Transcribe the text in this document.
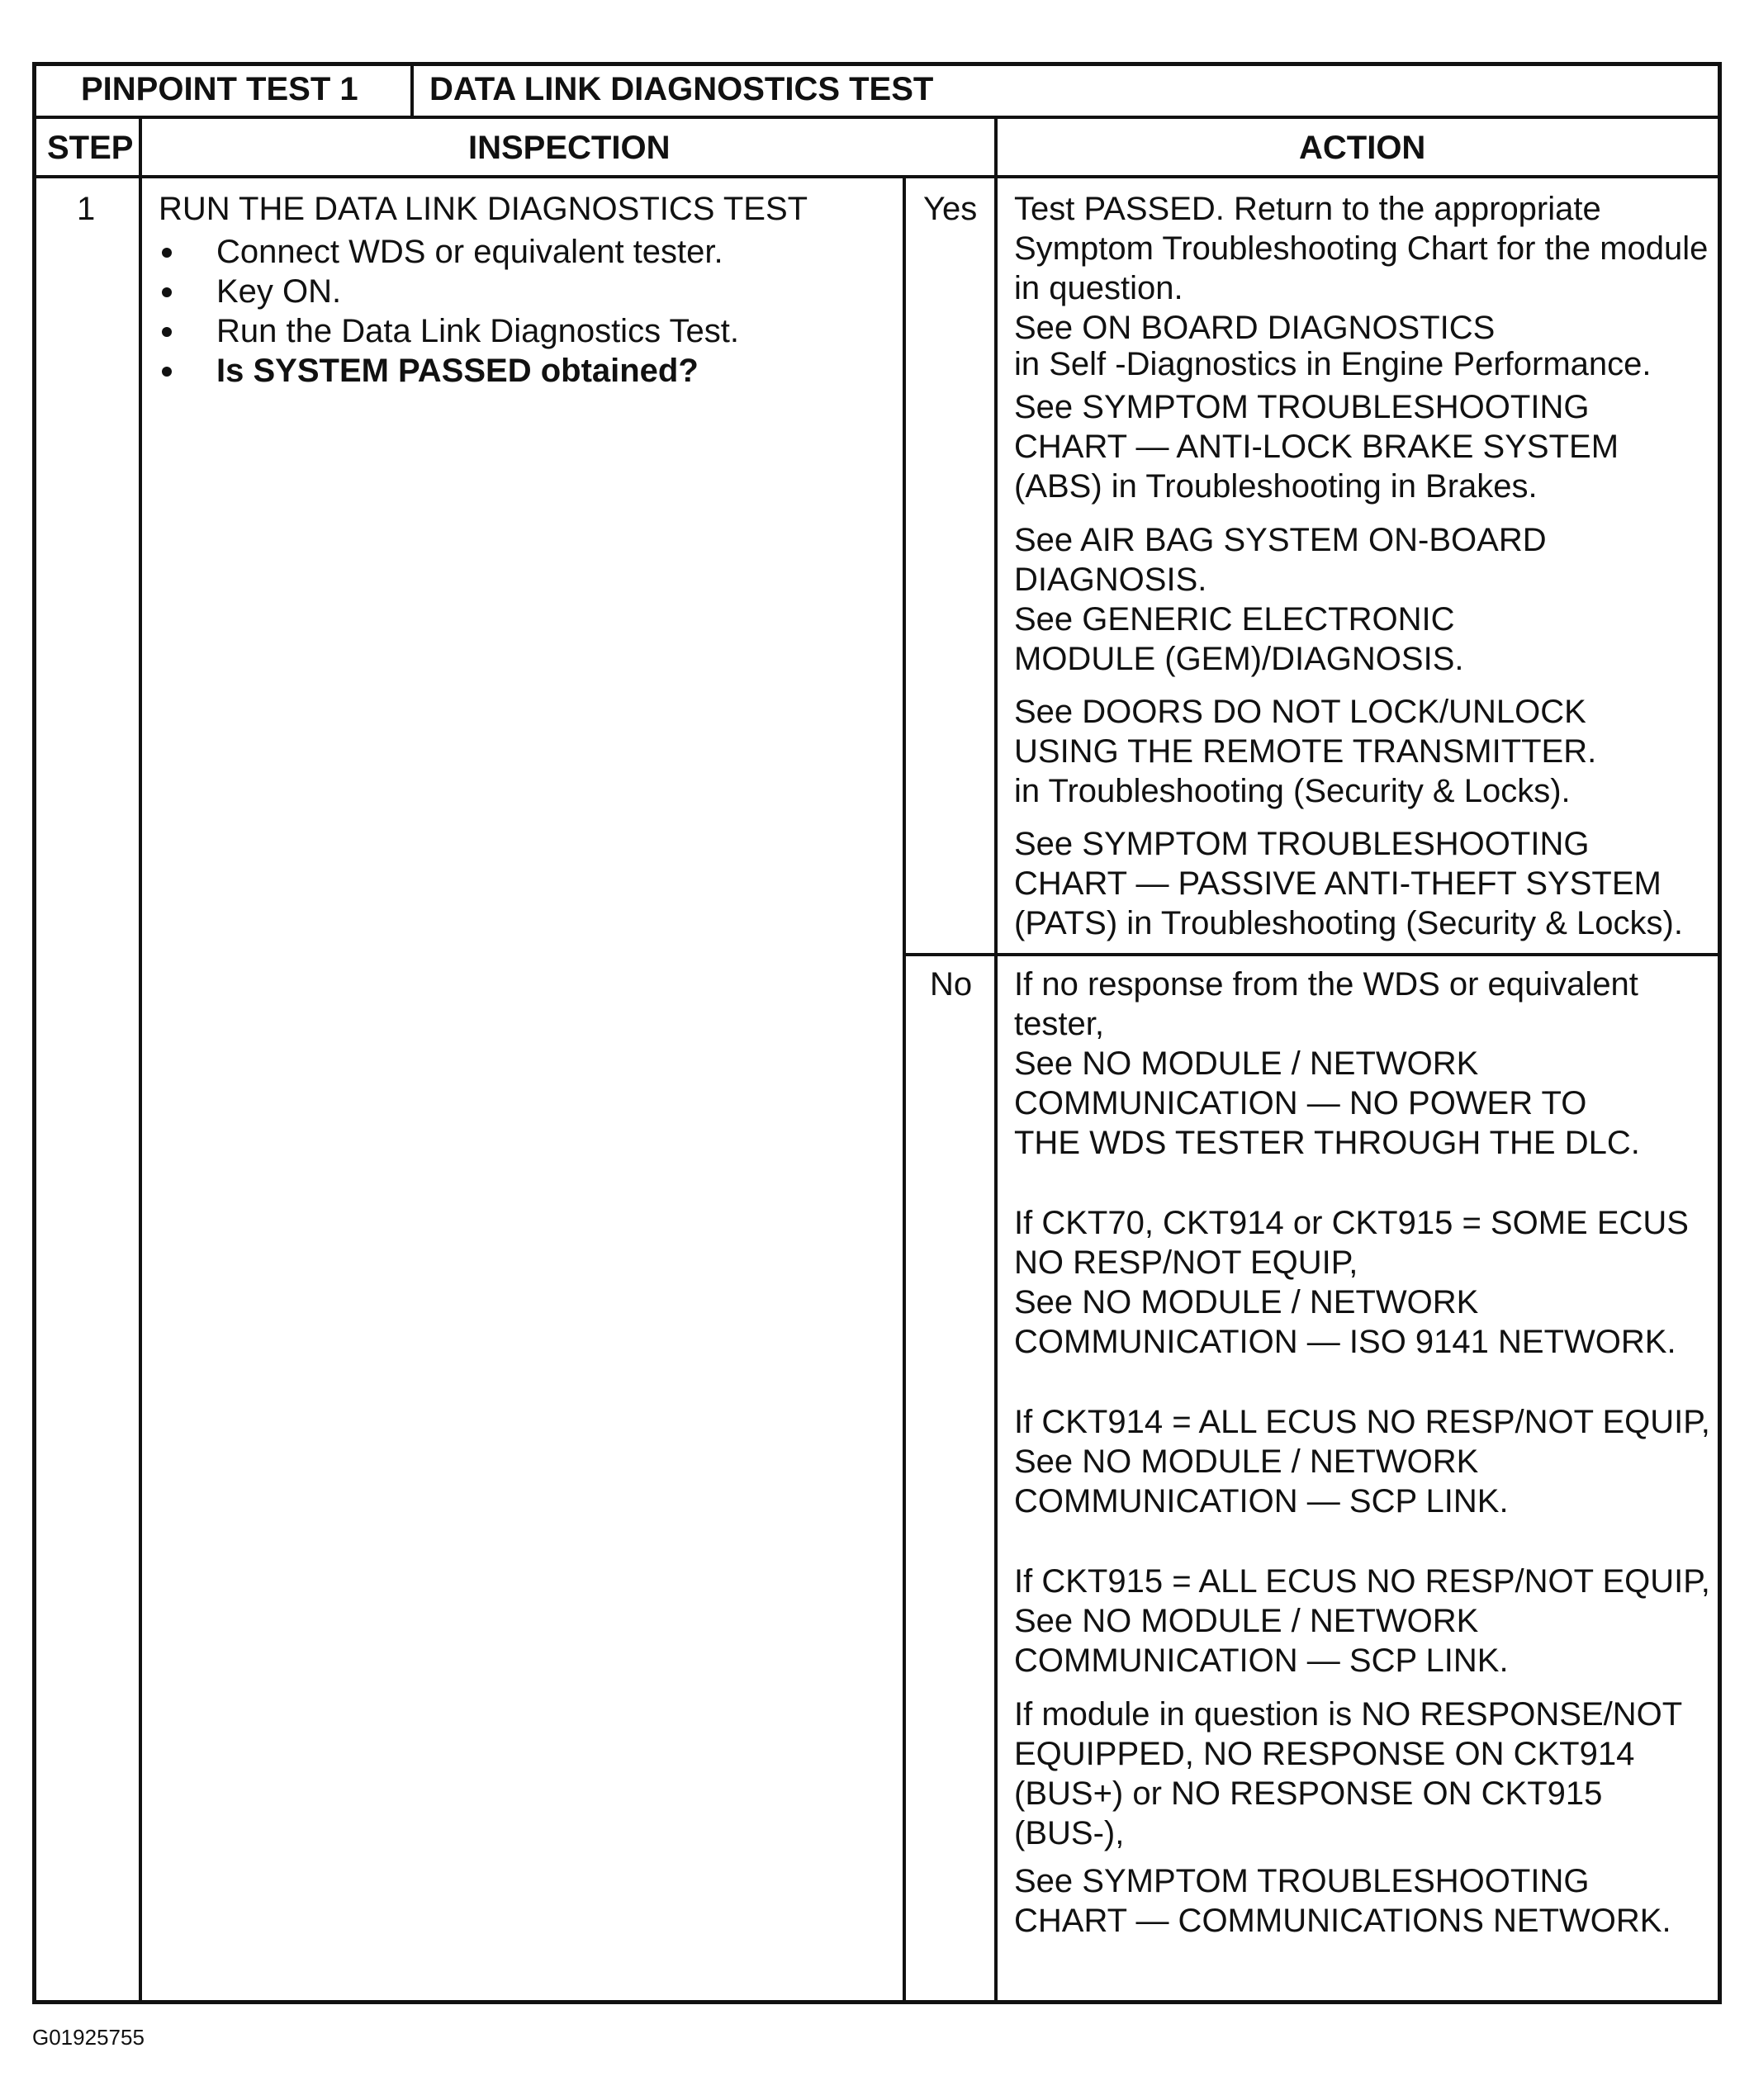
PINPOINT TEST 1 DATA LINK DIAGNOSTICS TEST
STEP	INSPECTION	ACTION
1 RUN THE DATA LINK DIAGNOSTICS TEST
Connect WDS or equivalent tester.
Key ON.
Run the Data Link Diagnostics Test.
Is SYSTEM PASSED obtained?
Yes
No
Test PASSED. Return to the appropriate
Symptom Troubleshooting Chart for the module
in question.
See ON BOARD DIAGNOSTICS
in Self -Diagnostics in Engine Performance.
See SYMPTOM TROUBLESHOOTING
CHART — ANTI-LOCK BRAKE SYSTEM
(ABS) in Troubleshooting in Brakes.
See AIR BAG SYSTEM ON-BOARD
DIAGNOSIS.
See GENERIC ELECTRONIC
MODULE (GEM)/DIAGNOSIS.
See DOORS DO NOT LOCK/UNLOCK
USING THE REMOTE TRANSMITTER.
in Troubleshooting (Security & Locks).
See SYMPTOM TROUBLESHOOTING
CHART — PASSIVE ANTI-THEFT SYSTEM
(PATS) in Troubleshooting (Security & Locks).
If no response from the WDS or equivalent
tester,
See NO MODULE / NETWORK
COMMUNICATION — NO POWER TO
THE WDS TESTER THROUGH THE DLC.
If CKT70, CKT914 or CKT915 = SOME ECUS
NO RESP/NOT EQUIP,
See NO MODULE / NETWORK
COMMUNICATION — ISO 9141 NETWORK.
If CKT914 = ALL ECUS NO RESP/NOT EQUIP,
See NO MODULE / NETWORK
COMMUNICATION — SCP LINK.
If CKT915 = ALL ECUS NO RESP/NOT EQUIP,
See NO MODULE / NETWORK
COMMUNICATION — SCP LINK.
If module in question is NO RESPONSE/NOT
EQUIPPED, NO RESPONSE ON CKT914
(BUS+) or NO RESPONSE ON CKT915
(BUS-),
See SYMPTOM TROUBLESHOOTING
CHART — COMMUNICATIONS NETWORK.
G01925755
